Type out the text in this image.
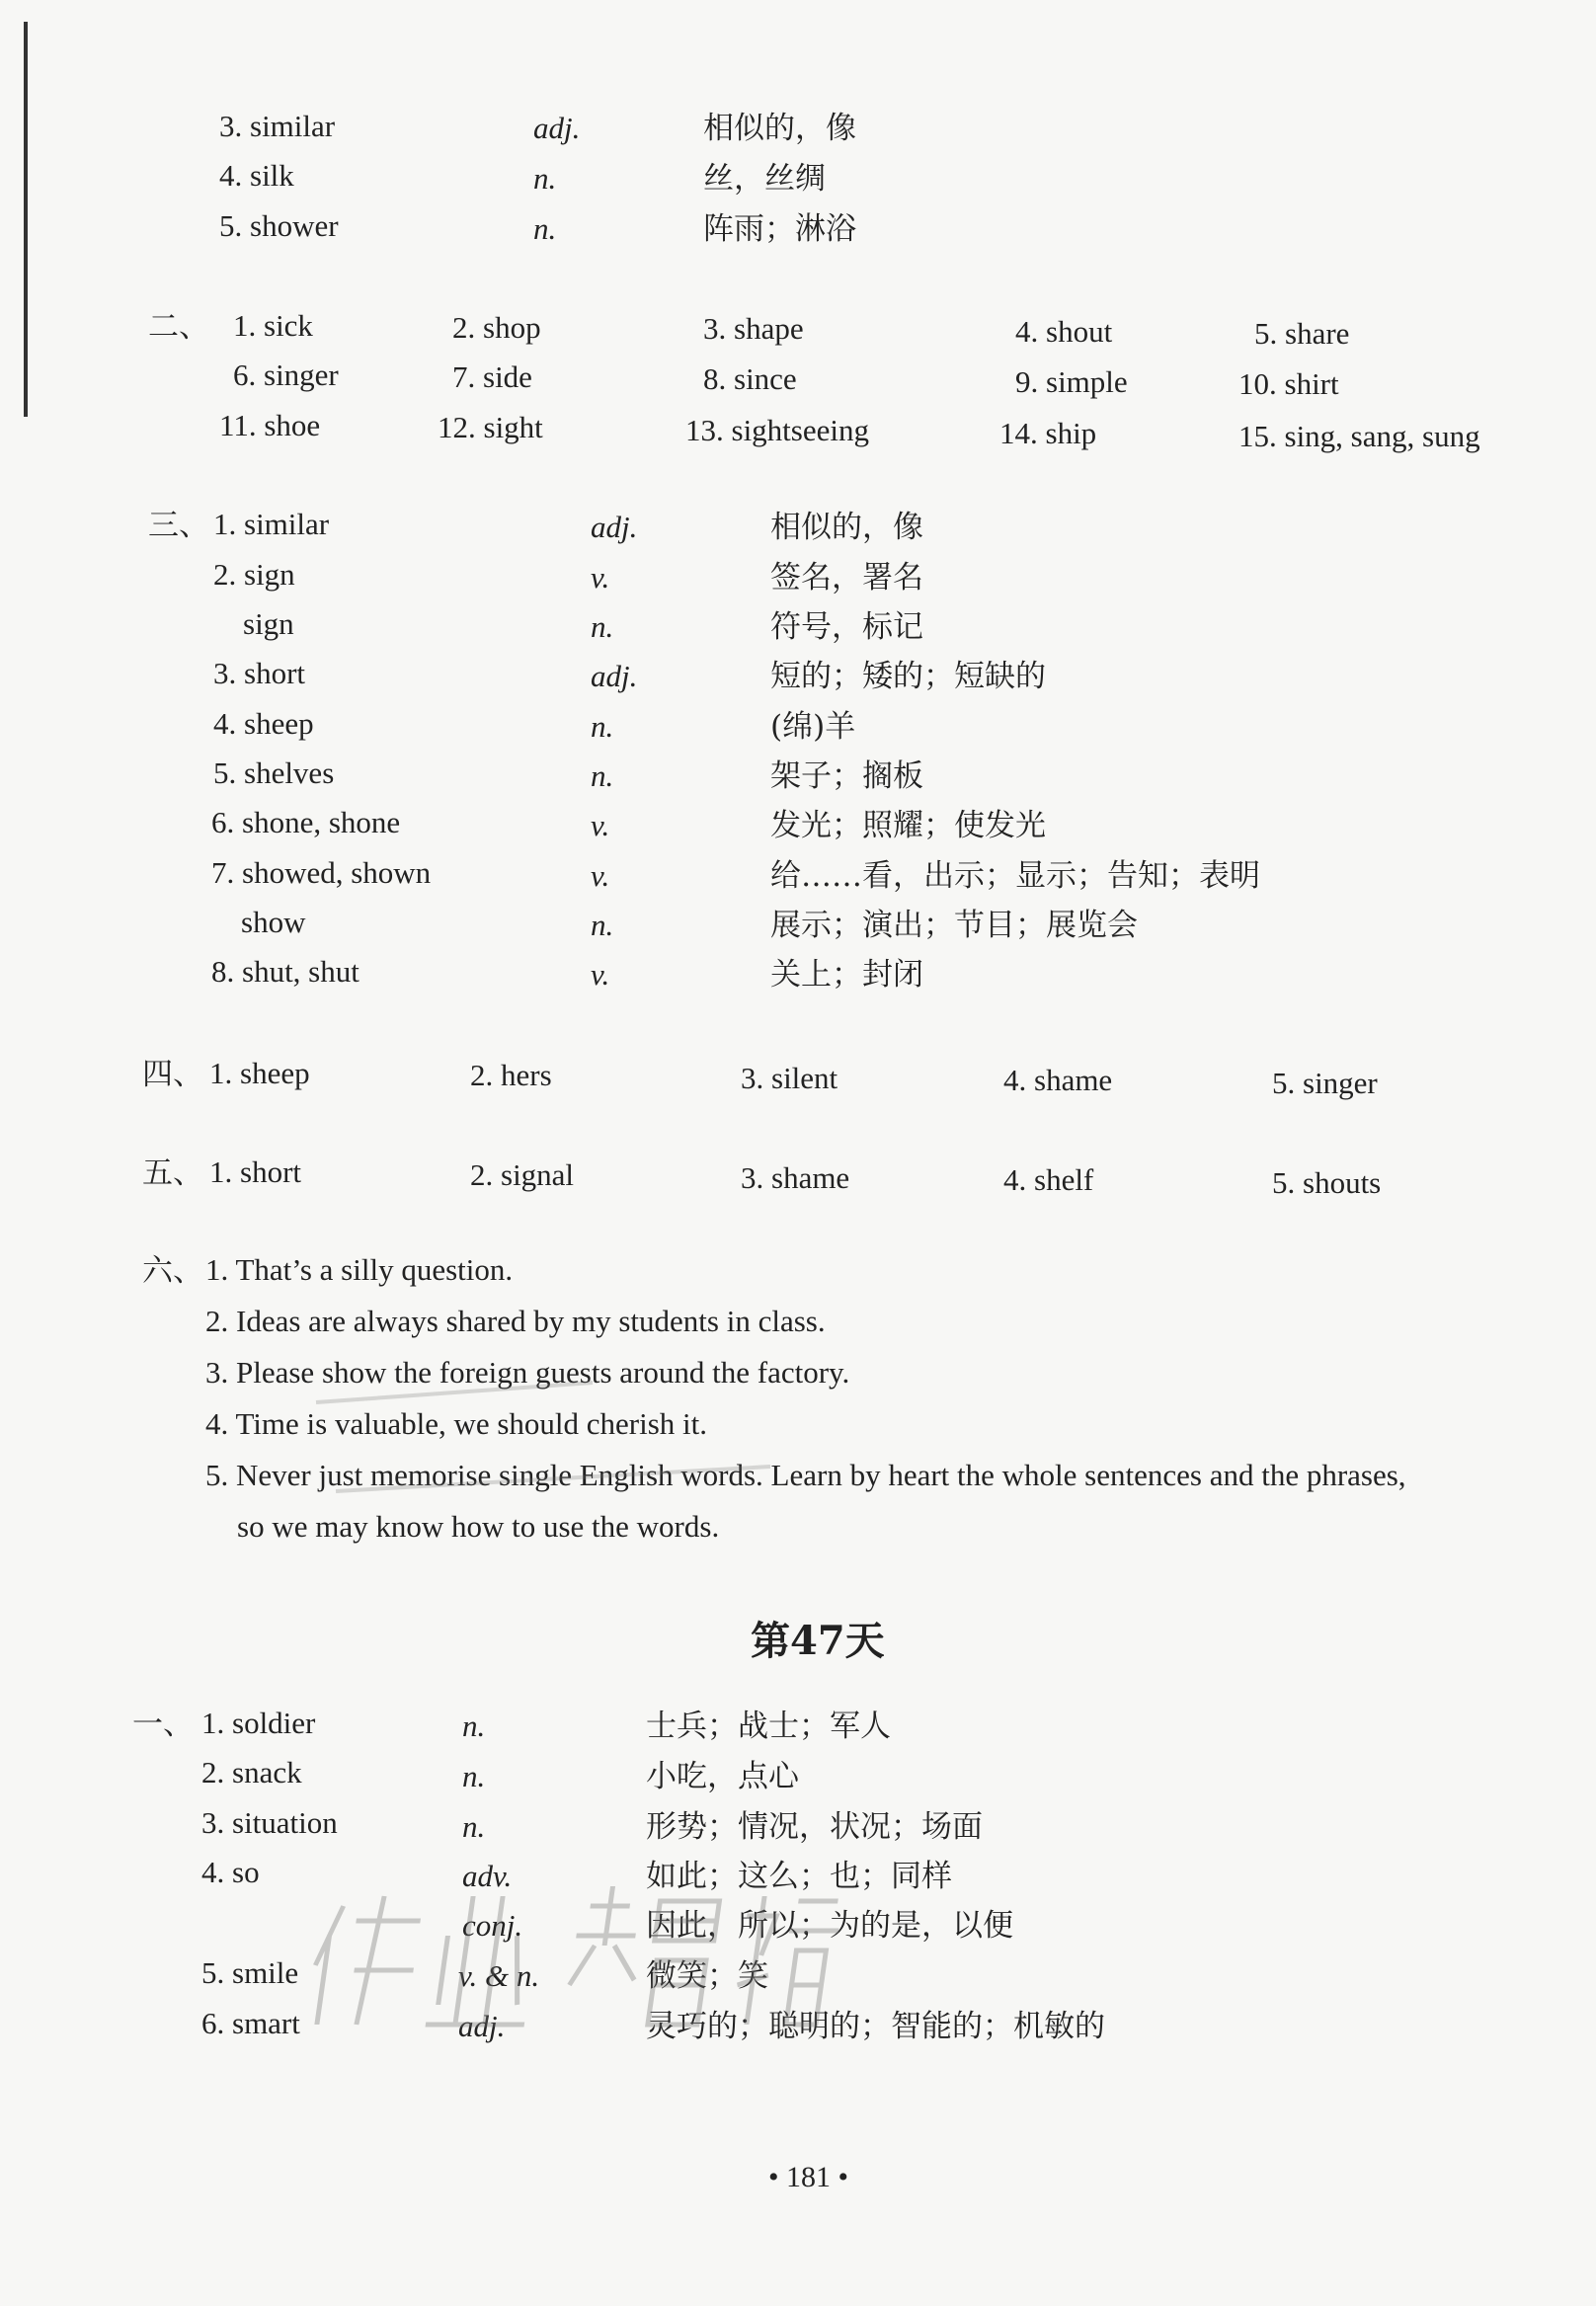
3. similar	adj.	相似的，像
4. silk	n.	丝，丝绸
5. shower	n.	阵雨；淋浴
二、 1. sick	2. shop	3. shape	4. shout	5. share
6. singer	7. side	8. since	9. simple	10. shirt
11. shoe	12. sight	13. sightseeing	14. ship	15. sing, sang, sung
三、 1. similar	adj.	相似的，像
2. sign	v.	签名，署名
sign	n.	符号，标记
3. short	adj.	短的；矮的；短缺的
4. sheep	n.	(绵)羊
5. shelves	n.	架子；搁板
6. shone, shone	v.	发光；照耀；使发光
7. showed, shown	v.	给……看，出示；显示；告知；表明
show	n.	展示；演出；节目；展览会
8. shut, shut	v.	关上；封闭
四、 1. sheep	2. hers	3. silent	4. shame	5. singer
五、 1. short	2. signal	3. shame	4. shelf	5. shouts
六、 1. That’s a silly question.
2. Ideas are always shared by my students in class.
3. Please show the foreign guests around the factory.
4. Time is valuable, we should cherish it.
5. Never just memorise single English words. Learn by heart the whole sentences and the phrases,
so we may know how to use the words.
第47天
一、 1. soldier	n.	士兵；战士；军人
2. snack	n.	小吃，点心
3. situation	n.	形势；情况，状况；场面
4. so	adv.	如此；这么；也；同样
conj.	因此，所以；为的是，以便
5. smile	v. & n.	微笑；笑
6. smart	adj.	灵巧的；聪明的；智能的；机敏的
• 181 •
